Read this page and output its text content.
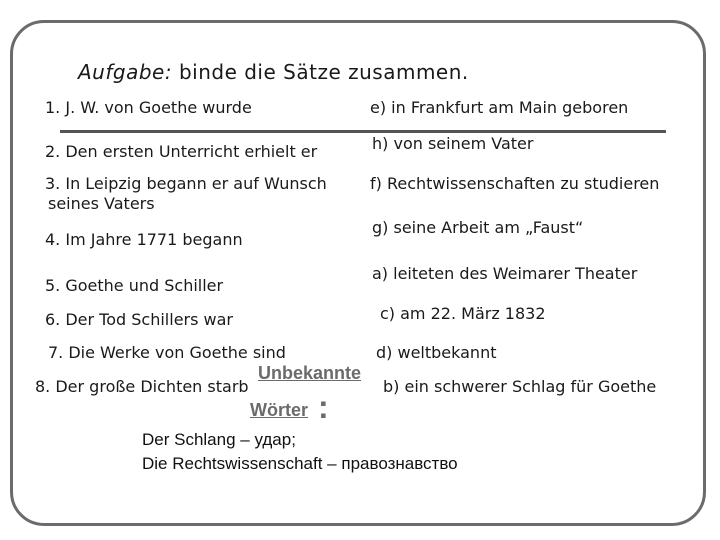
Aufgabe: binde die Sätze zusammen.
1. J. W. von Goethe wurde
2. Den ersten Unterricht erhielt er
3. In Leipzig begann er auf Wunsch
seines Vaters
4. Im Jahre 1771 begann
5. Goethe und Schiller
6. Der Tod Schillers war
7. Die Werke von Goethe sind
8. Der große Dichten starb
e) in Frankfurt am Main geboren
h) von seinem Vater
f) Rechtwissenschaften zu studieren
g) seine Arbeit am „Faust“
a) leiteten des Weimarer Theater
c) am 22. März 1832
d) weltbekannt
b) ein schwerer Schlag für Goethe
Unbekannte
Wörter :
Der Schlang – удар;
Die Rechtswissenschaft – правознавство
